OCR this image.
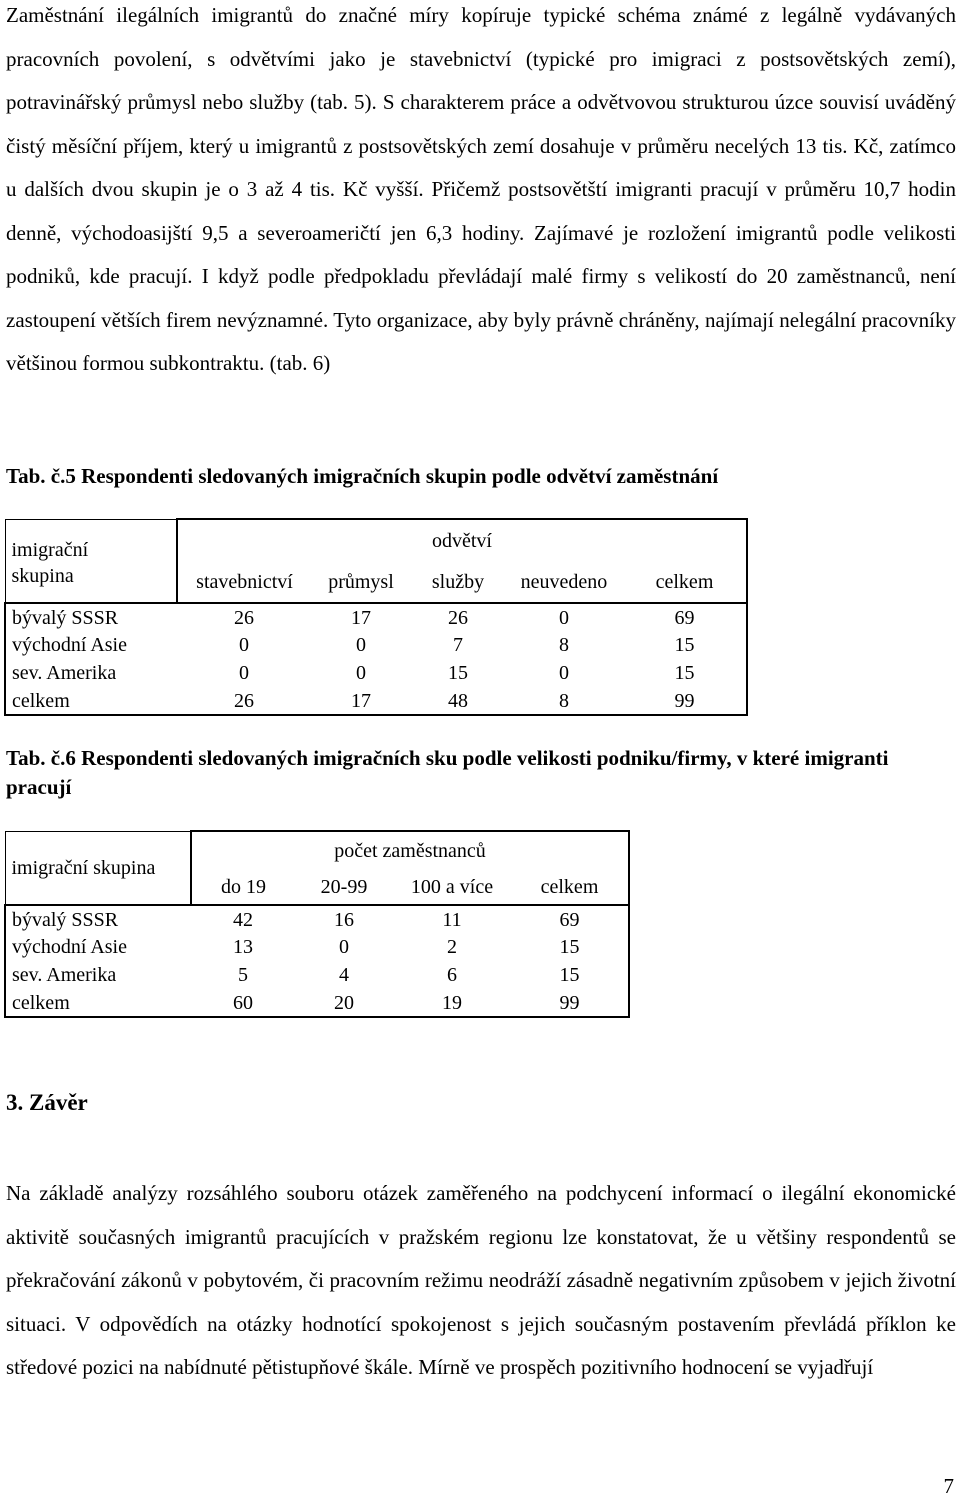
Zaměstnání ilegálních imigrantů do značné míry kopíruje typické schéma známé z legálně vydávaných pracovních povolení, s odvětvími jako je stavebnictví (typické pro imigraci z postsovětských zemí), potravinářský průmysl nebo služby (tab. 5). S charakterem práce a odvětvovou strukturou úzce souvisí uváděný čistý měsíční příjem, který u imigrantů z postsovětských zemí dosahuje v průměru necelých 13 tis. Kč, zatímco u dalších dvou skupin je o 3 až 4 tis. Kč vyšší. Přičemž postsovětští imigranti pracují v průměru 10,7 hodin denně, východoasijští 9,5 a severoameričtí jen 6,3 hodiny. Zajímavé je rozložení imigrantů podle velikosti podniků, kde pracují. I když podle předpokladu převládají malé firmy s velikostí do 20 zaměstnanců, není zastoupení větších firem nevýznamné. Tyto organizace, aby byly právně chráněny, najímají nelegální pracovníky většinou formou subkontraktu. (tab. 6)
Tab. č.5 Respondenti sledovaných imigračních skupin podle odvětví zaměstnání
imigrační
skupina	odvětví				
	stavebnictví	průmysl	služby	neuvedeno	celkem
bývalý SSSR	26	17	26	0	69
východní Asie	0	0	7	8	15
sev. Amerika	0	0	15	0	15
celkem	26	17	48	8	99
Tab. č.6 Respondenti sledovaných imigračních sku podle velikosti podniku/firmy, v které imigranti pracují
imigrační skupina	počet zaměstnanců			
	do 19	20-99	100 a více	celkem
bývalý SSSR	42	16	11	69
východní Asie	13	0	2	15
sev. Amerika	5	4	6	15
celkem	60	20	19	99
3. Závěr
Na základě analýzy rozsáhlého souboru otázek zaměřeného na podchycení informací o ilegální ekonomické aktivitě současných imigrantů pracujících v pražském regionu lze konstatovat, že u většiny respondentů se překračování zákonů v pobytovém, či pracovním režimu neodráží zásadně negativním způsobem v jejich životní situaci. V odpovědích na otázky hodnotící spokojenost s jejich současným postavením převládá příklon ke středové pozici na nabídnuté pětistupňové škále. Mírně ve prospěch pozitivního hodnocení se vyjadřují
7
